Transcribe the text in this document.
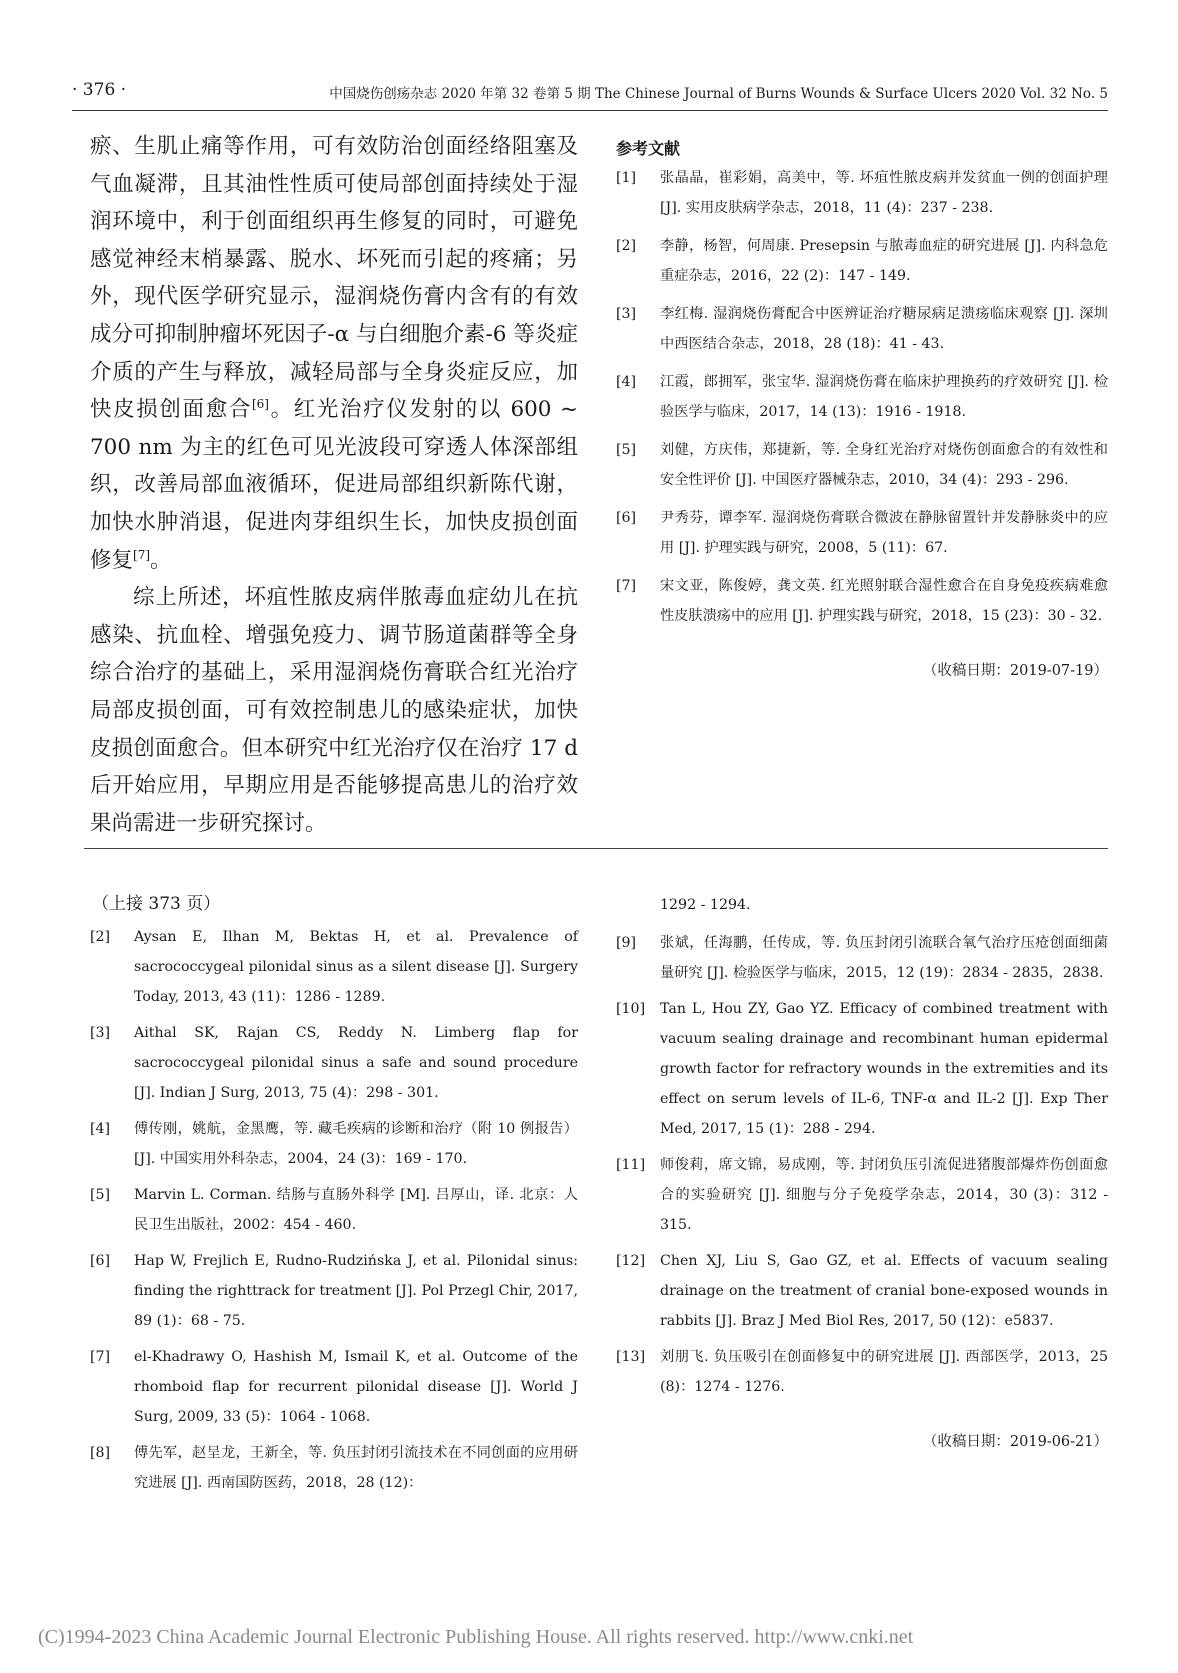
· 376 ·	中国烧伤创疡杂志 2020 年第 32 卷第 5 期 The Chinese Journal of Burns Wounds & Surface Ulcers 2020 Vol. 32 No. 5

瘀、生肌止痛等作用，可有效防治创面经络阻塞及气血凝滞，且其油性性质可使局部创面持续处于湿润环境中，利于创面组织再生修复的同时，可避免感觉神经末梢暴露、脱水、坏死而引起的疼痛；另外，现代医学研究显示，湿润烧伤膏内含有的有效成分可抑制肿瘤坏死因子-α 与白细胞介素-6 等炎症介质的产生与释放，减轻局部与全身炎症反应，加快皮损创面愈合[6]。红光治疗仪发射的以 600 ~ 700 nm 为主的红色可见光波段可穿透人体深部组织，改善局部血液循环，促进局部组织新陈代谢，加快水肿消退，促进肉芽组织生长，加快皮损创面修复[7]。

综上所述，坏疽性脓皮病伴脓毒血症幼儿在抗感染、抗血栓、增强免疫力、调节肠道菌群等全身综合治疗的基础上，采用湿润烧伤膏联合红光治疗局部皮损创面，可有效控制患儿的感染症状，加快皮损创面愈合。但本研究中红光治疗仅在治疗 17 d 后开始应用，早期应用是否能够提高患儿的治疗效果尚需进一步研究探讨。

参考文献
[1]	张晶晶，崔彩娟，高美中，等. 坏疽性脓皮病并发贫血一例的创面护理 [J]. 实用皮肤病学杂志，2018，11 (4)：237 - 238.
[2]	李静，杨智，何周康. Presepsin 与脓毒血症的研究进展 [J]. 内科急危重症杂志，2016，22 (2)：147 - 149.
[3]	李红梅. 湿润烧伤膏配合中医辨证治疗糖尿病足溃疡临床观察 [J]. 深圳中西医结合杂志，2018，28 (18)：41 - 43.
[4]	江霞，郎拥军，张宝华. 湿润烧伤膏在临床护理换药的疗效研究 [J]. 检验医学与临床，2017，14 (13)：1916 - 1918.
[5]	刘健，方庆伟，郑捷新，等. 全身红光治疗对烧伤创面愈合的有效性和安全性评价 [J]. 中国医疗器械杂志，2010，34 (4)：293 - 296.
[6]	尹秀芬，谭李军. 湿润烧伤膏联合微波在静脉留置针并发静脉炎中的应用 [J]. 护理实践与研究，2008，5 (11)：67.
[7]	宋文亚，陈俊婷，龚文英. 红光照射联合湿性愈合在自身免疫疾病难愈性皮肤溃疡中的应用 [J]. 护理实践与研究，2018，15 (23)：30 - 32.
（收稿日期：2019-07-19）
（上接 373 页）
[2]	Aysan E, Ilhan M, Bektas H, et al. Prevalence of sacrococcygeal pilonidal sinus as a silent disease [J]. Surgery Today, 2013, 43 (11)：1286 - 1289.
[3]	Aithal SK, Rajan CS, Reddy N. Limberg flap for sacrococcygeal pilonidal sinus a safe and sound procedure [J]. Indian J Surg, 2013, 75 (4)：298 - 301.
[4]	傅传刚，姚航，金黑鹰，等. 藏毛疾病的诊断和治疗（附 10 例报告）[J]. 中国实用外科杂志，2004，24 (3)：169 - 170.
[5]	Marvin L. Corman. 结肠与直肠外科学 [M]. 吕厚山，译. 北京：人民卫生出版社，2002：454 - 460.
[6]	Hap W, Frejlich E, Rudno-Rudzińska J, et al. Pilonidal sinus: finding the righttrack for treatment [J]. Pol Przegl Chir, 2017, 89 (1)：68 - 75.
[7]	el-Khadrawy O, Hashish M, Ismail K, et al. Outcome of the rhomboid flap for recurrent pilonidal disease [J]. World J Surg, 2009, 33 (5)：1064 - 1068.
[8]	傅先军，赵呈龙，王新全，等. 负压封闭引流技术在不同创面的应用研究进展 [J]. 西南国防医药，2018，28 (12)：
1292 - 1294.
[9]	张斌，任海鹏，任传成，等. 负压封闭引流联合氧气治疗压疮创面细菌量研究 [J]. 检验医学与临床，2015，12 (19)：2834 - 2835，2838.
[10]	Tan L, Hou ZY, Gao YZ. Efficacy of combined treatment with vacuum sealing drainage and recombinant human epidermal growth factor for refractory wounds in the extremities and its effect on serum levels of IL-6, TNF-α and IL-2 [J]. Exp Ther Med, 2017, 15 (1)：288 - 294.
[11]	师俊莉，席文锦，易成刚，等. 封闭负压引流促进猪腹部爆炸伤创面愈合的实验研究 [J]. 细胞与分子免疫学杂志，2014，30 (3)：312 - 315.
[12]	Chen XJ, Liu S, Gao GZ, et al. Effects of vacuum sealing drainage on the treatment of cranial bone-exposed wounds in rabbits [J]. Braz J Med Biol Res, 2017, 50 (12)：e5837.
[13]	刘朋飞. 负压吸引在创面修复中的研究进展 [J]. 西部医学，2013，25 (8)：1274 - 1276.
（收稿日期：2019-06-21）
(C)1994-2023 China Academic Journal Electronic Publishing House. All rights reserved. http://www.cnki.net
